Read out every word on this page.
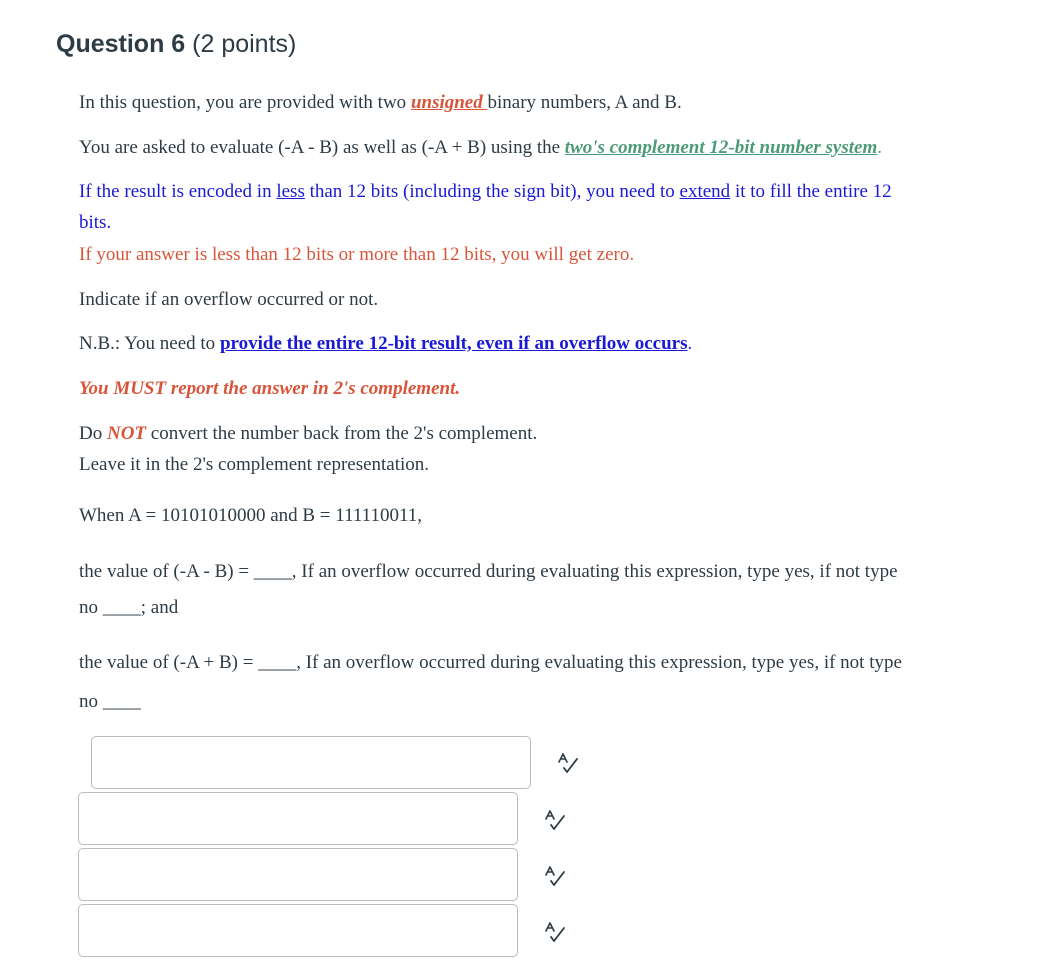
Question 6 (2 points)
In this question, you are provided with two unsigned binary numbers, A and B.
You are asked to evaluate (-A - B) as well as (-A + B) using the two's complement 12-bit number system.
If the result is encoded in less than 12 bits (including the sign bit), you need to extend it to fill the entire 12
bits.
If your answer is less than 12 bits or more than 12 bits, you will get zero.
Indicate if an overflow occurred or not.
N.B.: You need to provide the entire 12-bit result, even if an overflow occurs.
You MUST report the answer in 2's complement.
Do NOT convert the number back from the 2's complement.
Leave it in the 2's complement representation.
When A = 10101010000 and B = 111110011,
the value of (-A - B) = ____, If an overflow occurred during evaluating this expression, type yes, if not type
no ____; and
the value of (-A + B) = ____, If an overflow occurred during evaluating this expression, type yes, if not type
no ____
